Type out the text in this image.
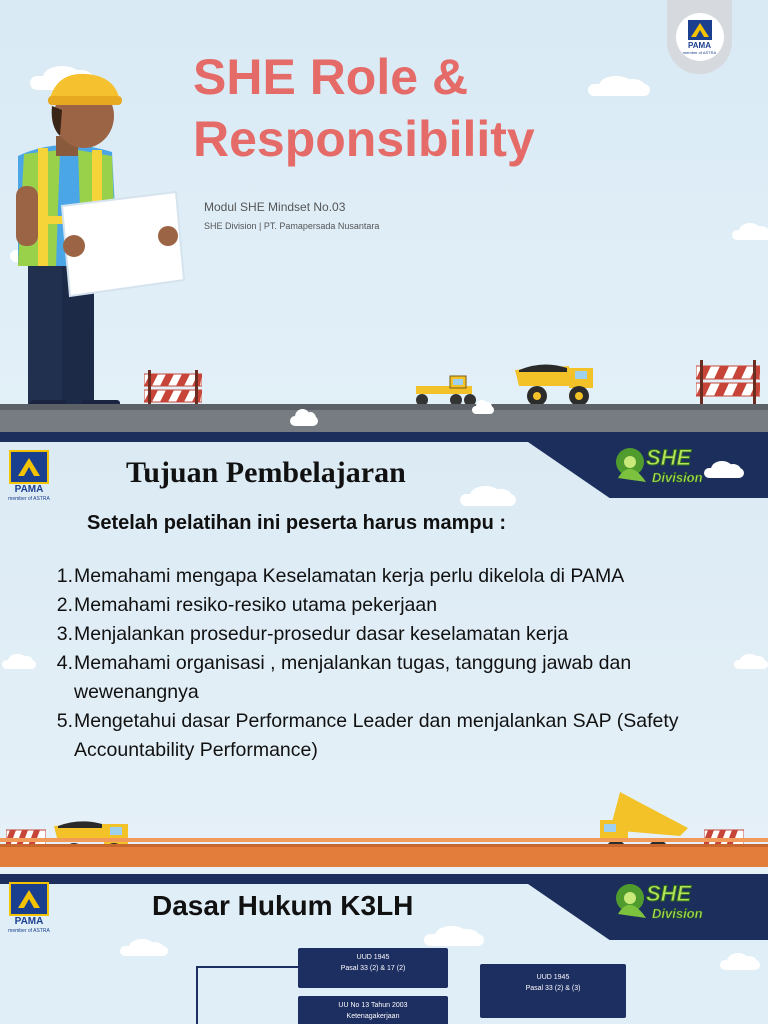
PAMA
member of ASTRA
SHE Role &
Responsibility

Modul SHE Mindset No.03

SHE Division | PT. Pamapersada Nusantara

PAMA
member of ASTRA
SHE
Division
Tujuan Pembelajaran

Setelah pelatihan ini peserta harus mampu :

1. Memahami mengapa Keselamatan kerja perlu dikelola di PAMA
2. Memahami resiko-resiko utama pekerjaan
3. Menjalankan prosedur-prosedur dasar keselamatan kerja
4. Memahami organisasi , menjalankan tugas, tanggung jawab dan wewenangnya
5. Mengetahui dasar Performance Leader dan menjalankan SAP (Safety Accountability Performance)
PAMA
member of ASTRA
SHE
Division
Dasar Hukum K3LH
UUD 1945
Pasal 33 (2) & 17 (2)
UU No 13 Tahun 2003
Ketenagakerjaan
UUD 1945
Pasal 33 (2) & (3)
